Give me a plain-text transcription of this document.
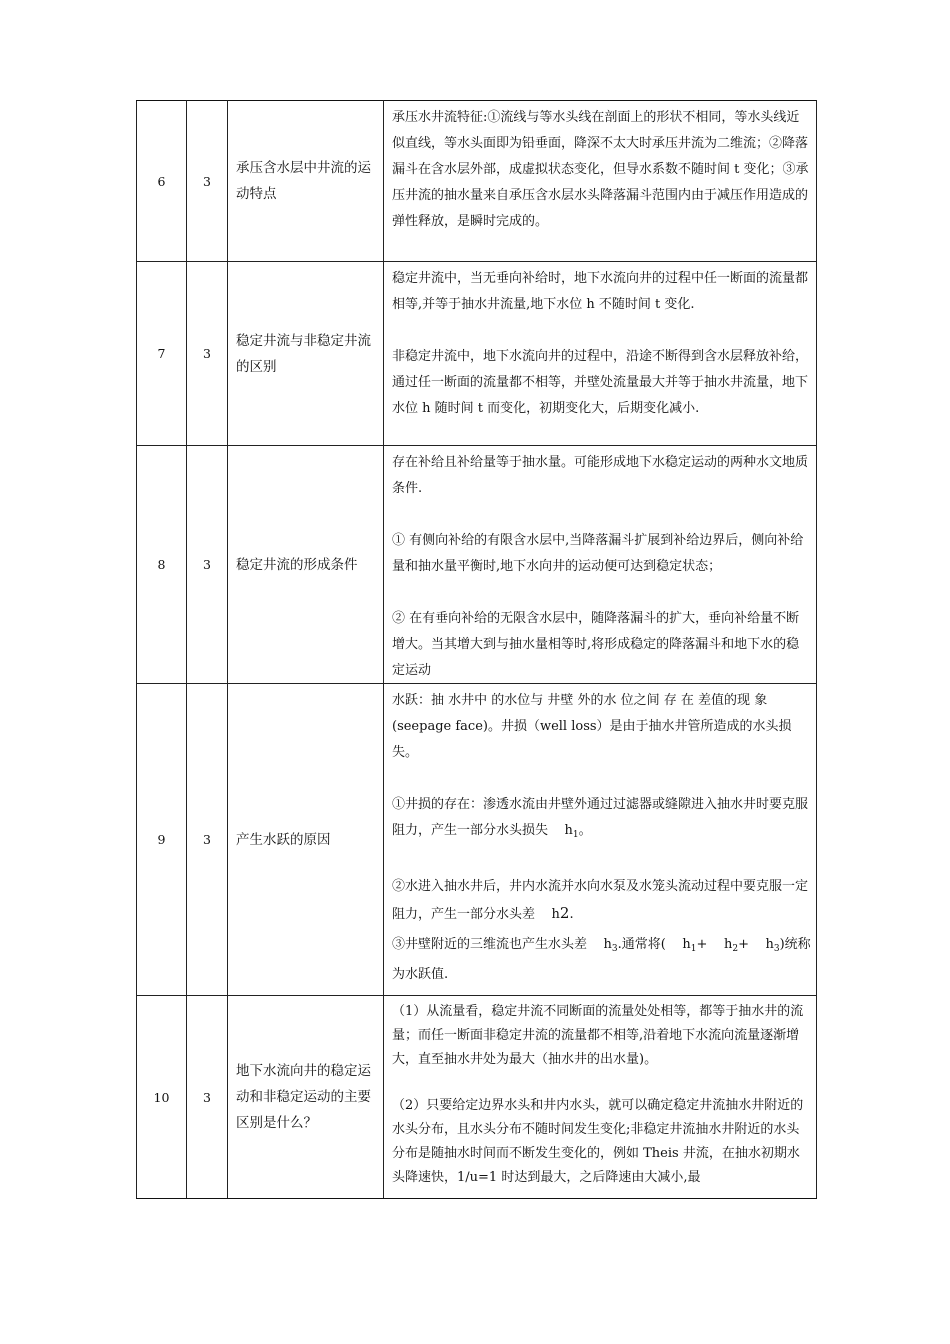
6	3	承压含水层中井流的运动特点	承压水井流特征:①流线与等水头线在剖面上的形状不相同，等水头线近似直线，等水头面即为铅垂面，降深不太大时承压井流为二维流；②降落漏斗在含水层外部，成虚拟状态变化，但导水系数不随时间 t 变化；③承压井流的抽水量来自承压含水层水头降落漏斗范围内由于减压作用造成的弹性释放，是瞬时完成的。

7	3	稳定井流与非稳定井流的区别	稳定井流中，当无垂向补给时，地下水流向井的过程中任一断面的流量都相等,并等于抽水井流量,地下水位 h 不随时间 t 变化.

非稳定井流中，地下水流向井的过程中，沿途不断得到含水层释放补给，通过任一断面的流量都不相等，并壁处流量最大并等于抽水井流量，地下水位 h 随时间 t 而变化，初期变化大，后期变化减小.

8	3	稳定井流的形成条件	存在补给且补给量等于抽水量。可能形成地下水稳定运动的两种水文地质条件.

① 有侧向补给的有限含水层中,当降落漏斗扩展到补给边界后，侧向补给量和抽水量平衡时,地下水向井的运动便可达到稳定状态；

② 在有垂向补给的无限含水层中，随降落漏斗的扩大，垂向补给量不断增大。当其增大到与抽水量相等时,将形成稳定的降落漏斗和地下水的稳定运动

9	3	产生水跃的原因	水跃：抽 水井中 的水位与 井壁 外的水 位之间 存 在 差值的现 象(seepage face)。井损（well loss）是由于抽水井管所造成的水头损失。

①井损的存在：渗透水流由井壁外通过过滤器或缝隙进入抽水井时要克服阻力，产生一部分水头损失 $h_1$。

②水进入抽水井后，井内水流并水向水泵及水笼头流动过程中要克服一定阻力，产生一部分水头差 h2.

③井壁附近的三维流也产生水头差 $h_3$.通常将( $h_1+ h_2+ h_3$)统称为水跃值.

10	3	地下水流向井的稳定运动和非稳定运动的主要区别是什么？	（1）从流量看，稳定井流不同断面的流量处处相等，都等于抽水井的流量；而任一断面非稳定井流的流量都不相等,沿着地下水流向流量逐渐增大，直至抽水井处为最大（抽水井的出水量)。

（2）只要给定边界水头和井内水头，就可以确定稳定井流抽水井附近的水头分布，且水头分布不随时间发生变化;非稳定井流抽水井附近的水头分布是随抽水时间而不断发生变化的，例如 Theis 井流，在抽水初期水头降速快，1/u=1 时达到最大，之后降速由大减小,最
